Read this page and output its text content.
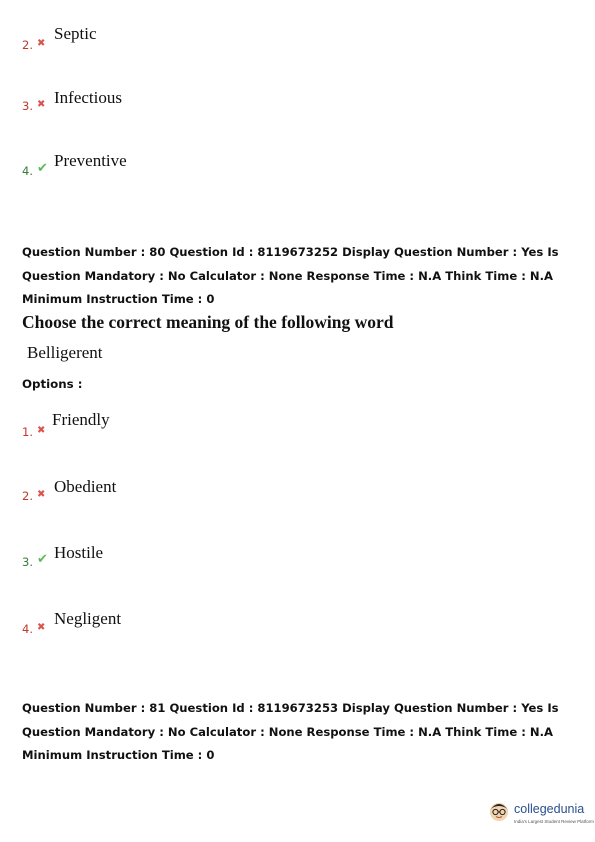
2. ✖
Septic
3. ✖ Infectious
4. ✔ Preventive
Question Number : 80 Question Id : 8119673252 Display Question Number : Yes Is Question Mandatory : No Calculator : None Response Time : N.A Think Time : N.A Minimum Instruction Time : 0
Choose the correct meaning of the following word
Belligerent
Options :
1. ✖
Friendly
2. ✖ Obedient
3. ✔ Hostile
4. ✖ Negligent
Question Number : 81 Question Id : 8119673253 Display Question Number : Yes Is Question Mandatory : No Calculator : None Response Time : N.A Think Time : N.A Minimum Instruction Time : 0
collegedunia
India's Largest Student Review Platform
